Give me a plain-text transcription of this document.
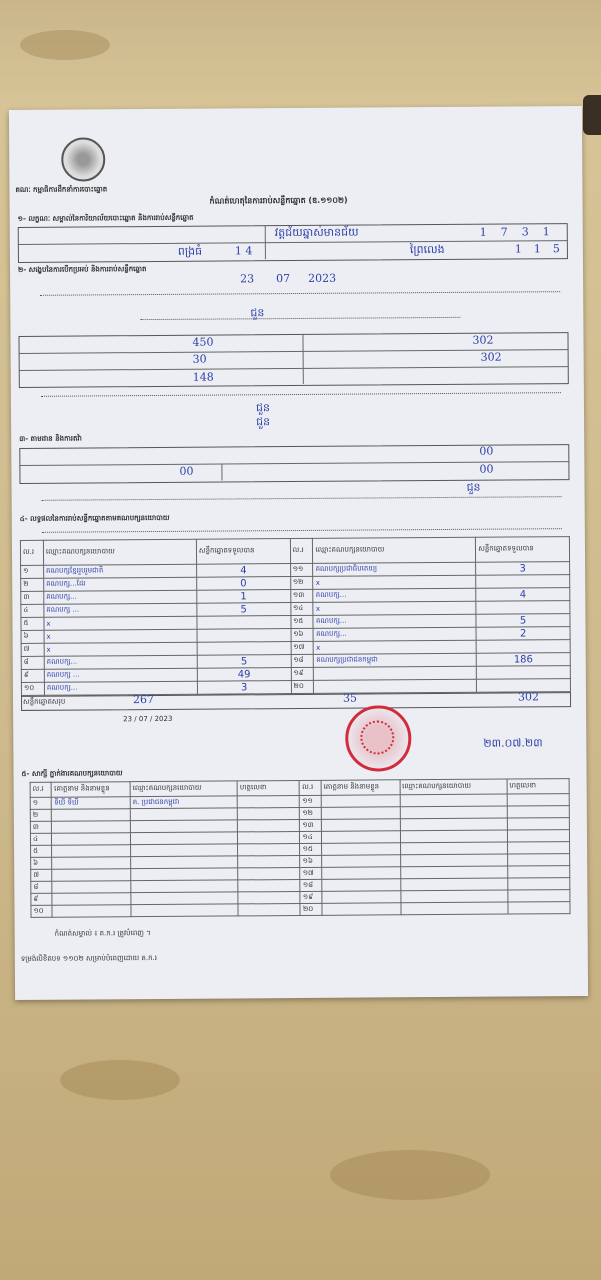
គណៈ កម្មាធិការដឹកនាំការបោះឆ្នោត
កំណត់ហេតុនៃការរាប់សន្លឹកឆ្នោត (ឌ.១១០២)
១- លក្ខណៈ សម្គាល់នៃការិយាល័យបោះឆ្នោត និងការរាប់សន្លឹកឆ្នោត
វត្តជ័យឆ្នាស់មានជ័យ	1731
ពង្រធំ	1 4	ព្រៃលេង	115
២- សង្ខេបនៃការបើកប្រអប់ និងការរាប់សន្លឹកឆ្នោត
23 07 2023
ជួន
450	302
30	302
148
ជួន
ជួន
៣- តាមដាន និងការតវ៉ា
00
00	00
ជួន
៤- លទ្ធផលនៃការរាប់សន្លឹកឆ្នោតតាមគណបក្សនយោបាយ
ល.រ	ឈ្មោះគណបក្សនយោបាយ	សន្លឹកឆ្នោតទទួលបាន	ល.រ	ឈ្មោះគណបក្សនយោបាយ	សន្លឹកឆ្នោតទទួលបាន
១	គណបក្សខ្មែររួបរួមជាតិ	4	១១	គណបក្សប្រជាធិបតេយ្យ	3
២	គណបក្ស...ដែរ	0	១២	x	
៣	គណបក្ស...	1	១៣	គណបក្ស...	4
៤	គណបក្ស ...	5	១៤	x	
៥	x		១៥	គណបក្ស...	5
៦	x		១៦	គណបក្ស...	2
៧	x		១៧	x	
៨	គណបក្ស...	5	១៨	គណបក្សប្រជាជនកម្ពុជា	186
៩	គណបក្ស ...	49	១៩		
១០	គណបក្ស...	3	២០		
សន្លឹកឆ្នោតសរុប	267	35	302
23 / 07 / 2023
២៣.០៧.២៣
៥- សាក្សី ភ្នាក់ងារគណបក្សនយោបាយ
ល.រ	គោត្តនាម និងនាមខ្លួន	ឈ្មោះគណបក្សនយោបាយ	ហត្ថលេខា	ល.រ	គោត្តនាម និងនាមខ្លួន	ឈ្មោះគណបក្សនយោបាយ	ហត្ថលេខា
១	ទីឃី ទីឃី	គ. ប្រជាជនកម្ពុជា		១១			
២				១២			
៣				១៣			
៤				១៤			
៥				១៥			
៦				១៦			
៧				១៧			
៨				១៨			
៩				១៩			
១០				២០			
កំណត់សម្គាល់ ៖ គ.ក.រ ត្រូវបំពេញ ។
ទម្រង់លិខិតបទ ១១០២ សម្រាប់បំពេញដោយ គ.ក.រ
